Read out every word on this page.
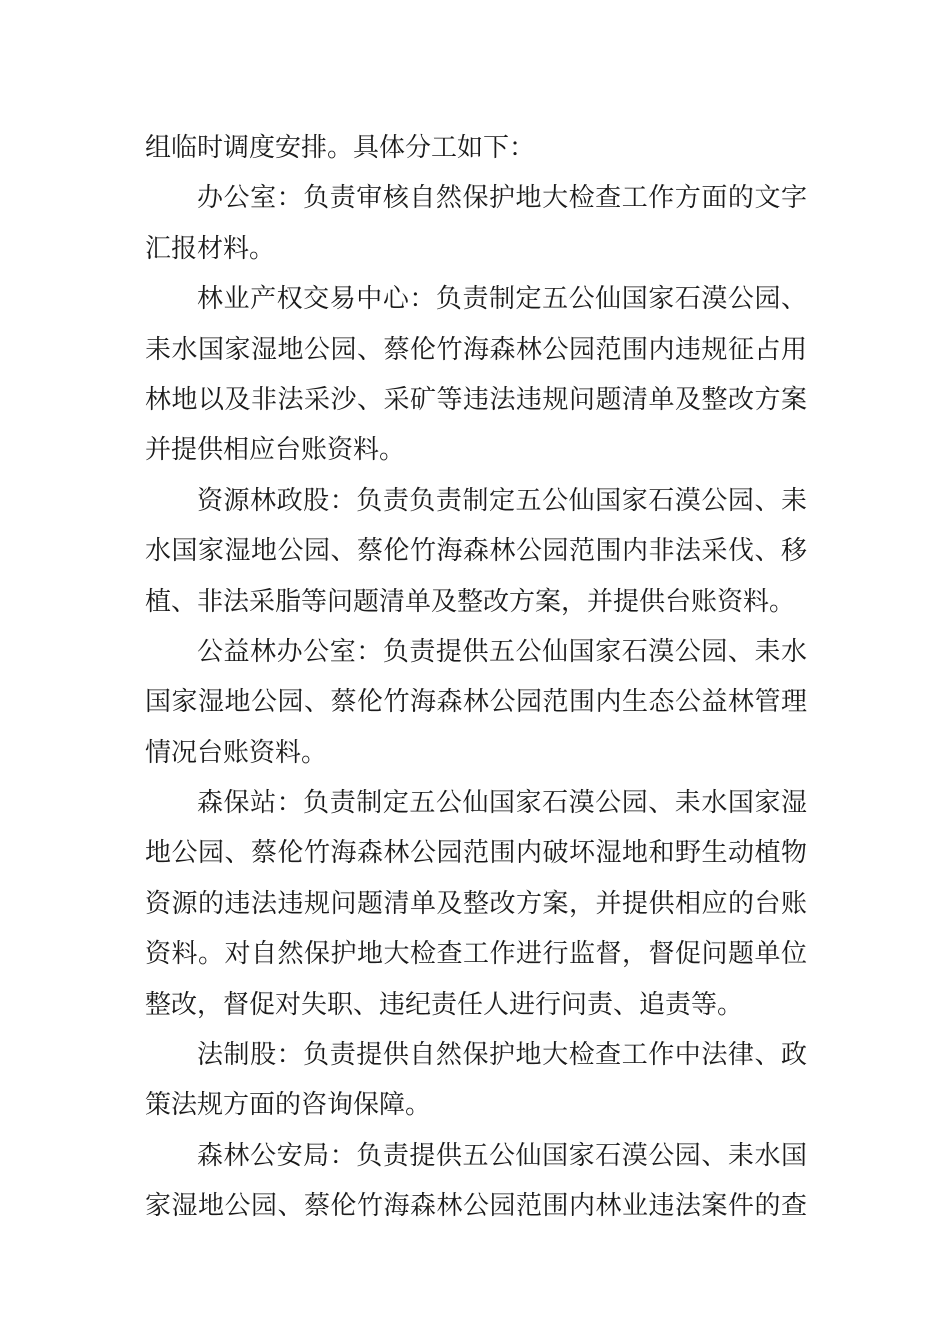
组临时调度安排。具体分工如下：
办公室：负责审核自然保护地大检查工作方面的文字
汇报材料。
林业产权交易中心：负责制定五公仙国家石漠公园、
耒水国家湿地公园、蔡伦竹海森林公园范围内违规征占用
林地以及非法采沙、采矿等违法违规问题清单及整改方案
并提供相应台账资料。
资源林政股：负责负责制定五公仙国家石漠公园、耒
水国家湿地公园、蔡伦竹海森林公园范围内非法采伐、移
植、非法采脂等问题清单及整改方案，并提供台账资料。
公益林办公室：负责提供五公仙国家石漠公园、耒水
国家湿地公园、蔡伦竹海森林公园范围内生态公益林管理
情况台账资料。
森保站：负责制定五公仙国家石漠公园、耒水国家湿
地公园、蔡伦竹海森林公园范围内破坏湿地和野生动植物
资源的违法违规问题清单及整改方案，并提供相应的台账
资料。对自然保护地大检查工作进行监督，督促问题单位
整改，督促对失职、违纪责任人进行问责、追责等。
法制股：负责提供自然保护地大检查工作中法律、政
策法规方面的咨询保障。
森林公安局：负责提供五公仙国家石漠公园、耒水国
家湿地公园、蔡伦竹海森林公园范围内林业违法案件的查
